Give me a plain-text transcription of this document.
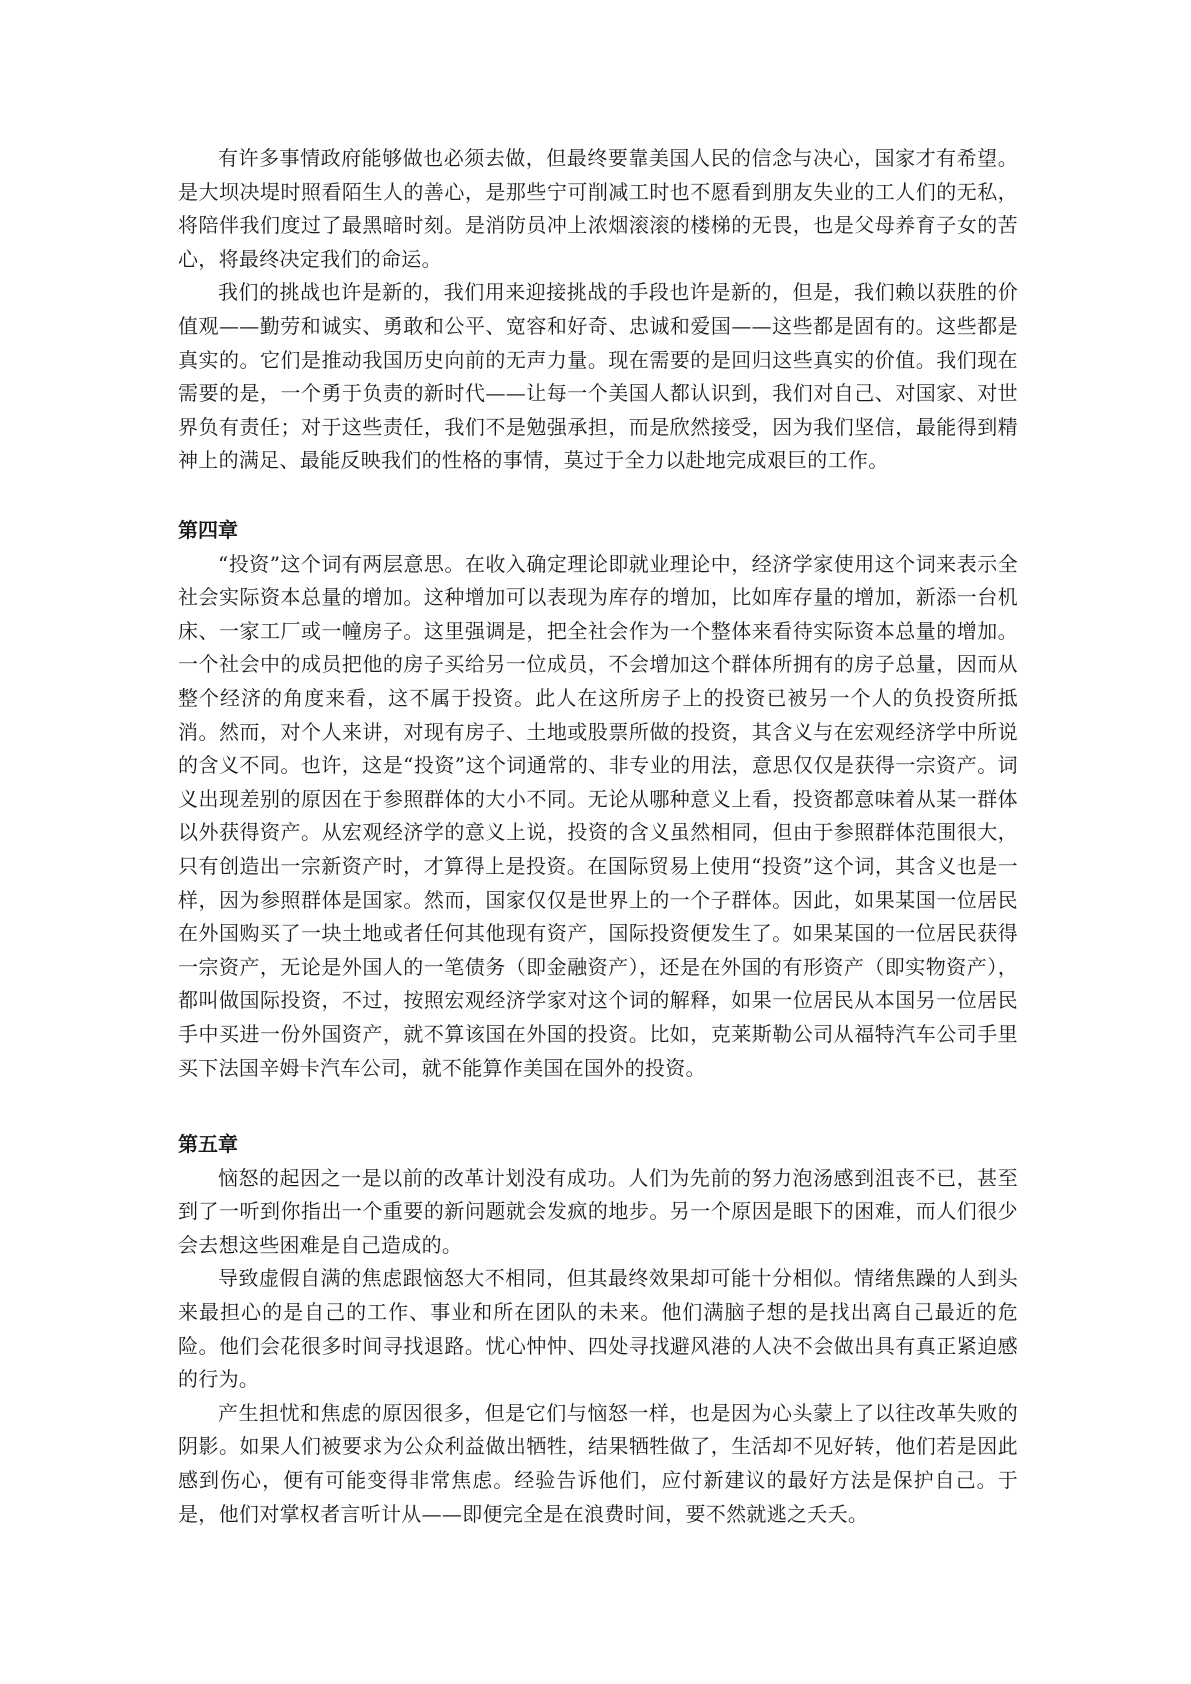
有许多事情政府能够做也必须去做，但最终要靠美国人民的信念与决心，国家才有希望。是大坝决堤时照看陌生人的善心，是那些宁可削减工时也不愿看到朋友失业的工人们的无私，将陪伴我们度过了最黑暗时刻。是消防员冲上浓烟滚滚的楼梯的无畏，也是父母养育子女的苦心，将最终决定我们的命运。

我们的挑战也许是新的，我们用来迎接挑战的手段也许是新的，但是，我们赖以获胜的价值观——勤劳和诚实、勇敢和公平、宽容和好奇、忠诚和爱国——这些都是固有的。这些都是真实的。它们是推动我国历史向前的无声力量。现在需要的是回归这些真实的价值。我们现在需要的是，一个勇于负责的新时代——让每一个美国人都认识到，我们对自己、对国家、对世界负有责任；对于这些责任，我们不是勉强承担，而是欣然接受，因为我们坚信，最能得到精神上的满足、最能反映我们的性格的事情，莫过于全力以赴地完成艰巨的工作。

第四章

“投资”这个词有两层意思。在收入确定理论即就业理论中，经济学家使用这个词来表示全社会实际资本总量的增加。这种增加可以表现为库存的增加，比如库存量的增加，新添一台机床、一家工厂或一幢房子。这里强调是，把全社会作为一个整体来看待实际资本总量的增加。一个社会中的成员把他的房子买给另一位成员，不会增加这个群体所拥有的房子总量，因而从整个经济的角度来看，这不属于投资。此人在这所房子上的投资已被另一个人的负投资所抵消。然而，对个人来讲，对现有房子、土地或股票所做的投资，其含义与在宏观经济学中所说的含义不同。也许，这是“投资”这个词通常的、非专业的用法，意思仅仅是获得一宗资产。词义出现差别的原因在于参照群体的大小不同。无论从哪种意义上看，投资都意味着从某一群体以外获得资产。从宏观经济学的意义上说，投资的含义虽然相同，但由于参照群体范围很大，只有创造出一宗新资产时，才算得上是投资。在国际贸易上使用“投资”这个词，其含义也是一样，因为参照群体是国家。然而，国家仅仅是世界上的一个子群体。因此，如果某国一位居民在外国购买了一块土地或者任何其他现有资产，国际投资便发生了。如果某国的一位居民获得一宗资产，无论是外国人的一笔债务（即金融资产），还是在外国的有形资产（即实物资产），都叫做国际投资，不过，按照宏观经济学家对这个词的解释，如果一位居民从本国另一位居民手中买进一份外国资产，就不算该国在外国的投资。比如，克莱斯勒公司从福特汽车公司手里买下法国辛姆卡汽车公司，就不能算作美国在国外的投资。

第五章

恼怒的起因之一是以前的改革计划没有成功。人们为先前的努力泡汤感到沮丧不已，甚至到了一听到你指出一个重要的新问题就会发疯的地步。另一个原因是眼下的困难，而人们很少会去想这些困难是自己造成的。

导致虚假自满的焦虑跟恼怒大不相同，但其最终效果却可能十分相似。情绪焦躁的人到头来最担心的是自己的工作、事业和所在团队的未来。他们满脑子想的是找出离自己最近的危险。他们会花很多时间寻找退路。忧心忡忡、四处寻找避风港的人决不会做出具有真正紧迫感的行为。

产生担忧和焦虑的原因很多，但是它们与恼怒一样，也是因为心头蒙上了以往改革失败的阴影。如果人们被要求为公众利益做出牺牲，结果牺牲做了，生活却不见好转，他们若是因此感到伤心，便有可能变得非常焦虑。经验告诉他们，应付新建议的最好方法是保护自己。于是，他们对掌权者言听计从——即便完全是在浪费时间，要不然就逃之夭夭。
